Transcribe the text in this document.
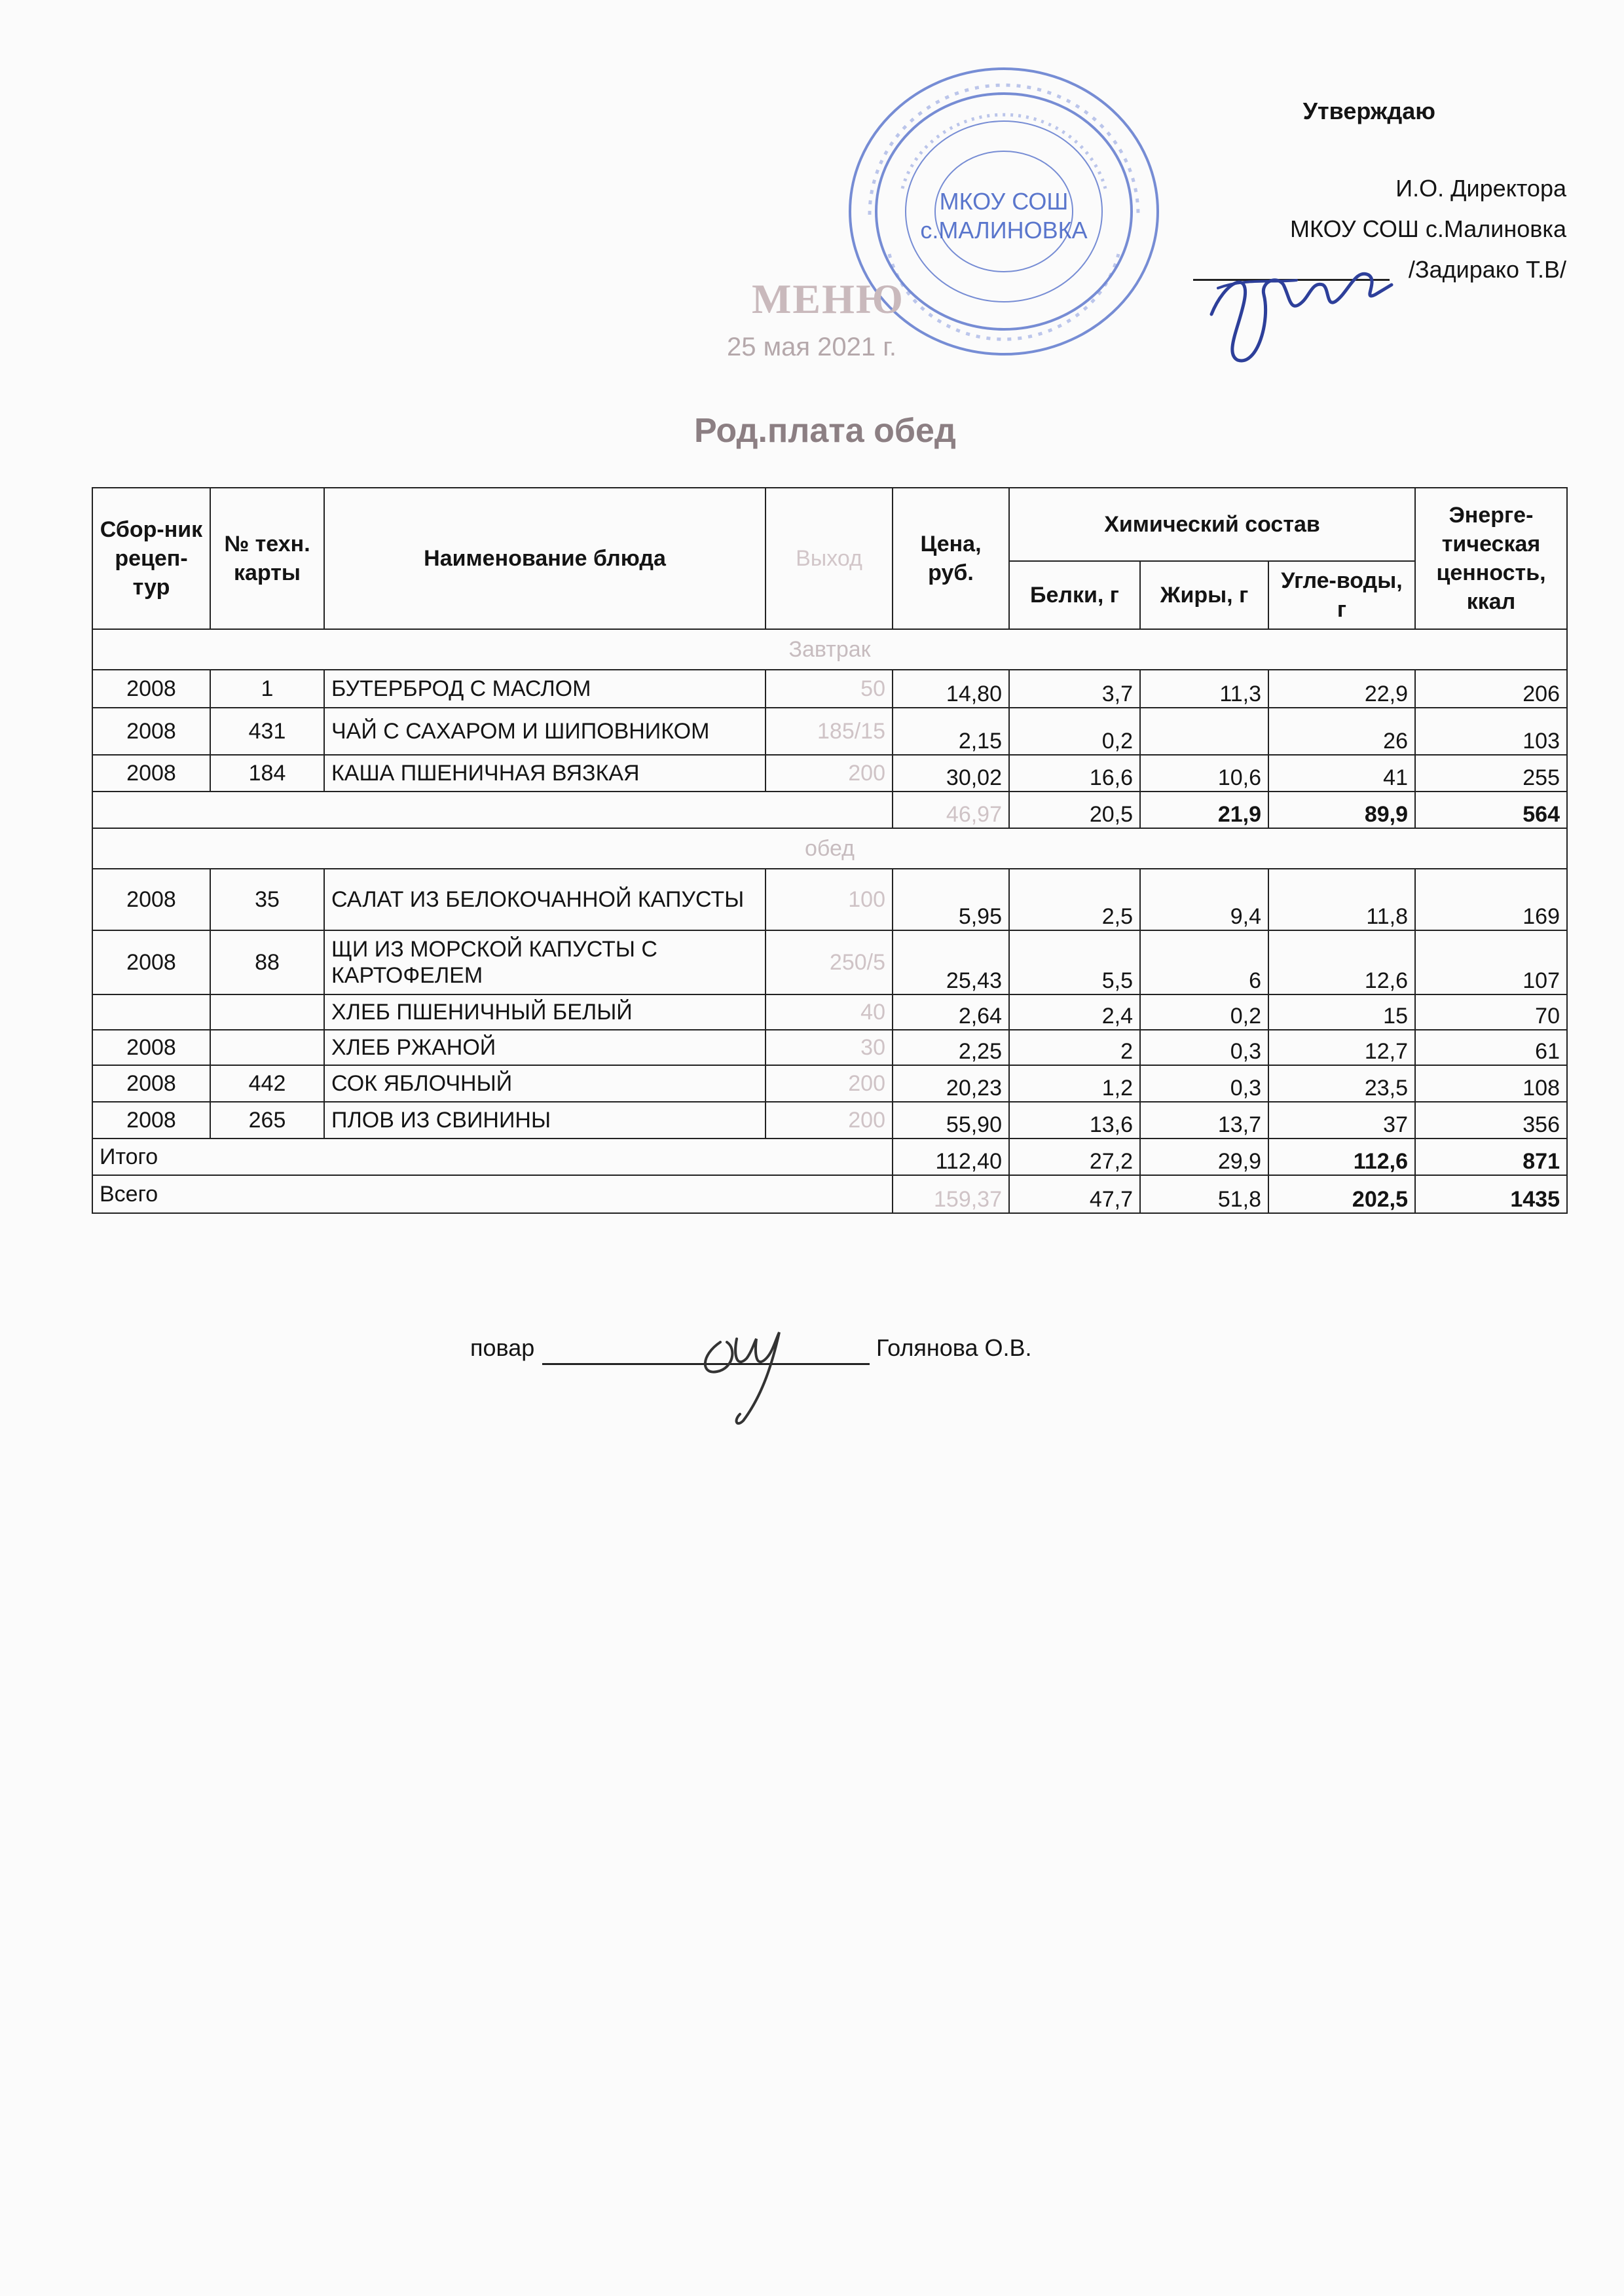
Утверждаю
И.О. Директора
МКОУ СОШ с.Малиновка
/Задирако Т.В/
МКОУ СОШ
с.МАЛИНОВКА
МЕНЮ
25 мая 2021 г.
Род.плата обед
Сбор-ник рецеп-тур	№ техн. карты	Наименование блюда	Выход	Цена, руб.	Химический состав			Энерге-тическая ценность, ккал
					Белки, г	Жиры, г	Угле-воды, г	
Завтрак								
2008	1	БУТЕРБРОД С МАСЛОМ	50	14,80	3,7	11,3	22,9	206
2008	431	ЧАЙ С САХАРОМ И ШИПОВНИКОМ	185/15	2,15	0,2		26	103
2008	184	КАША ПШЕНИЧНАЯ ВЯЗКАЯ	200	30,02	16,6	10,6	41	255
				46,97	20,5	21,9	89,9	564
обед								
2008	35	САЛАТ ИЗ БЕЛОКОЧАННОЙ КАПУСТЫ	100	5,95	2,5	9,4	11,8	169
2008	88	ЩИ ИЗ МОРСКОЙ КАПУСТЫ С КАРТОФЕЛЕМ	250/5	25,43	5,5	6	12,6	107
		ХЛЕБ ПШЕНИЧНЫЙ БЕЛЫЙ	40	2,64	2,4	0,2	15	70
2008		ХЛЕБ РЖАНОЙ	30	2,25	2	0,3	12,7	61
2008	442	СОК ЯБЛОЧНЫЙ	200	20,23	1,2	0,3	23,5	108
2008	265	ПЛОВ ИЗ СВИНИНЫ	200	55,90	13,6	13,7	37	356
Итого				112,40	27,2	29,9	112,6	871
Всего				159,37	47,7	51,8	202,5	1435
повар	Голянова О.В.
